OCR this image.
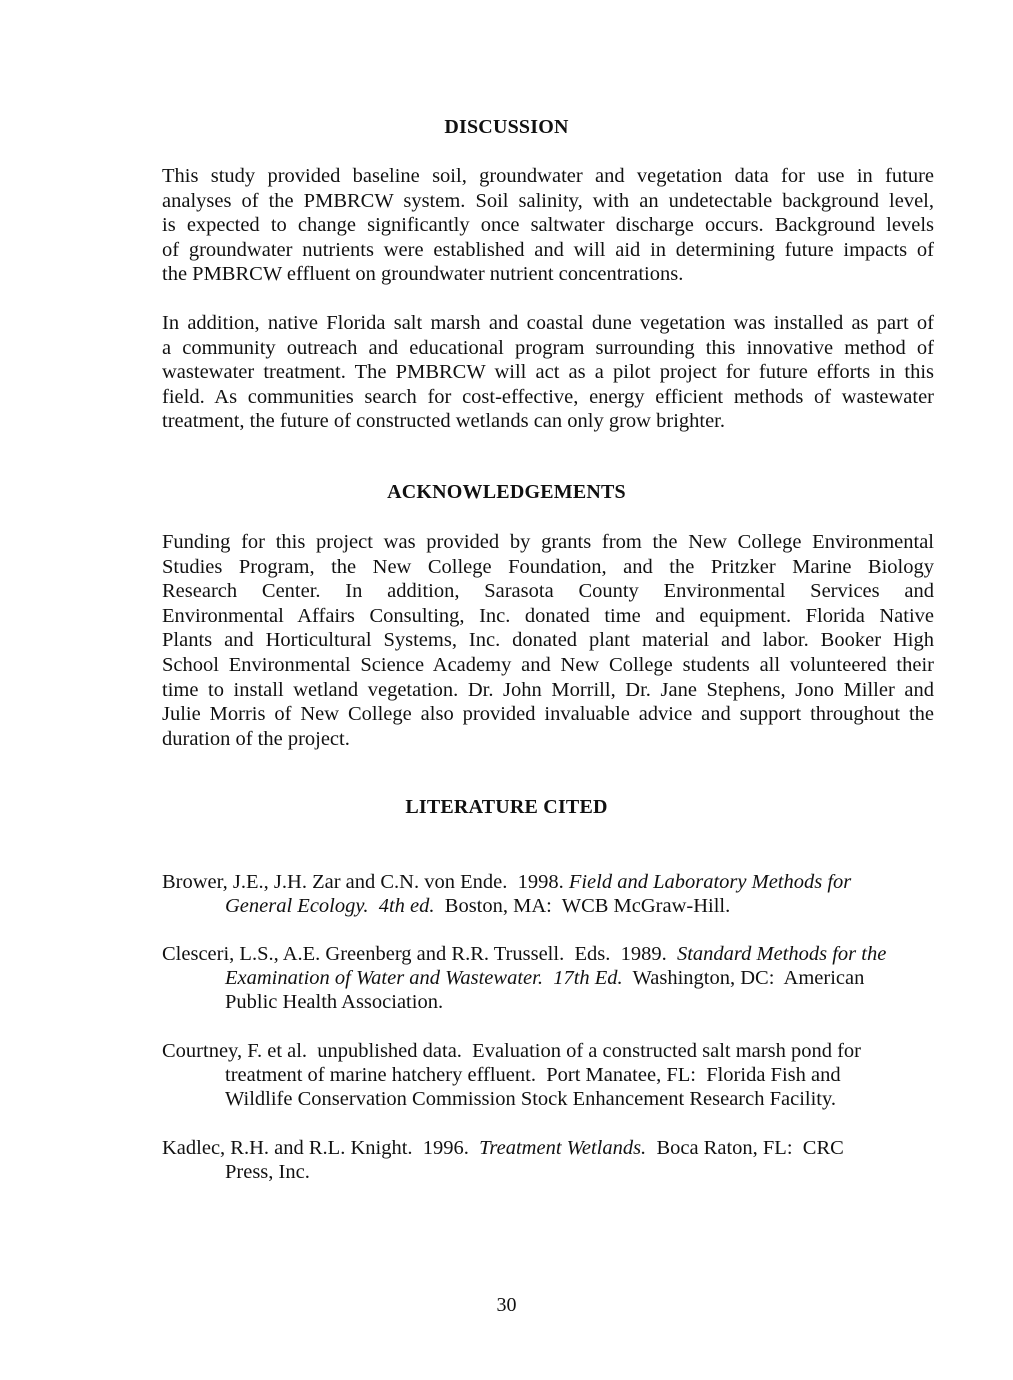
DISCUSSION
This study provided baseline soil, groundwater and vegetation data for use in future
analyses of the PMBRCW system. Soil salinity, with an undetectable background level,
is expected to change significantly once saltwater discharge occurs. Background levels
of groundwater nutrients were established and will aid in determining future impacts of
the PMBRCW effluent on groundwater nutrient concentrations.
In addition, native Florida salt marsh and coastal dune vegetation was installed as part of
a community outreach and educational program surrounding this innovative method of
wastewater treatment. The PMBRCW will act as a pilot project for future efforts in this
field. As communities search for cost-effective, energy efficient methods of wastewater
treatment, the future of constructed wetlands can only grow brighter.
ACKNOWLEDGEMENTS
Funding for this project was provided by grants from the New College Environmental
Studies Program, the New College Foundation, and the Pritzker Marine Biology
Research Center. In addition, Sarasota County Environmental Services and
Environmental Affairs Consulting, Inc. donated time and equipment. Florida Native
Plants and Horticultural Systems, Inc. donated plant material and labor. Booker High
School Environmental Science Academy and New College students all volunteered their
time to install wetland vegetation. Dr. John Morrill, Dr. Jane Stephens, Jono Miller and
Julie Morris of New College also provided invaluable advice and support throughout the
duration of the project.
LITERATURE CITED
Brower, J.E., J.H. Zar and C.N. von Ende.  1998. Field and Laboratory Methods for
General Ecology.  4th ed.  Boston, MA:  WCB McGraw-Hill.
Clesceri, L.S., A.E. Greenberg and R.R. Trussell.  Eds.  1989.  Standard Methods for the
Examination of Water and Wastewater.  17th Ed.  Washington, DC:  American
Public Health Association.
Courtney, F. et al.  unpublished data.  Evaluation of a constructed salt marsh pond for
treatment of marine hatchery effluent.  Port Manatee, FL:  Florida Fish and
Wildlife Conservation Commission Stock Enhancement Research Facility.
Kadlec, R.H. and R.L. Knight.  1996.  Treatment Wetlands.  Boca Raton, FL:  CRC
Press, Inc.

30
